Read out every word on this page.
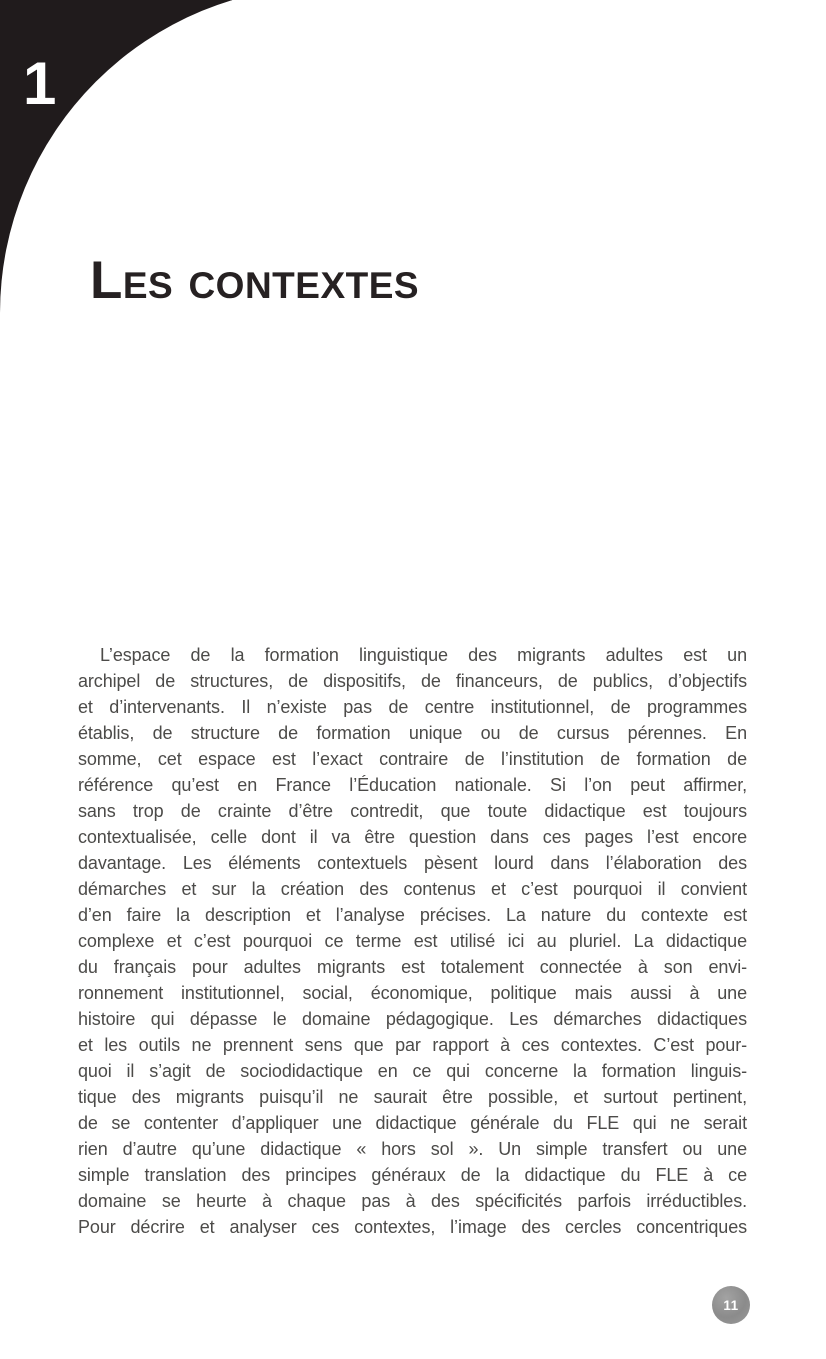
1
Les contextes
L’espace de la formation linguistique des migrants adultes est un
archipel de structures, de dispositifs, de financeurs, de publics, d’objectifs
et d’intervenants. Il n’existe pas de centre institutionnel, de programmes
établis, de structure de formation unique ou de cursus pérennes. En
somme, cet espace est l’exact contraire de l’institution de formation de
référence qu’est en France l’Éducation nationale. Si l’on peut affirmer,
sans trop de crainte d’être contredit, que toute didactique est toujours
contextualisée, celle dont il va être question dans ces pages l’est encore
davantage. Les éléments contextuels pèsent lourd dans l’élaboration des
démarches et sur la création des contenus et c’est pourquoi il convient
d’en faire la description et l’analyse précises. La nature du contexte est
complexe et c’est pourquoi ce terme est utilisé ici au pluriel. La didactique
du français pour adultes migrants est totalement connectée à son envi-
ronnement institutionnel, social, économique, politique mais aussi à une
histoire qui dépasse le domaine pédagogique. Les démarches didactiques
et les outils ne prennent sens que par rapport à ces contextes. C’est pour-
quoi il s’agit de sociodidactique en ce qui concerne la formation linguis-
tique des migrants puisqu’il ne saurait être possible, et surtout pertinent,
de se contenter d’appliquer une didactique générale du FLE qui ne serait
rien d’autre qu’une didactique « hors sol ». Un simple transfert ou une
simple translation des principes généraux de la didactique du FLE à ce
domaine se heurte à chaque pas à des spécificités parfois irréductibles.
Pour décrire et analyser ces contextes, l’image des cercles concentriques
11
